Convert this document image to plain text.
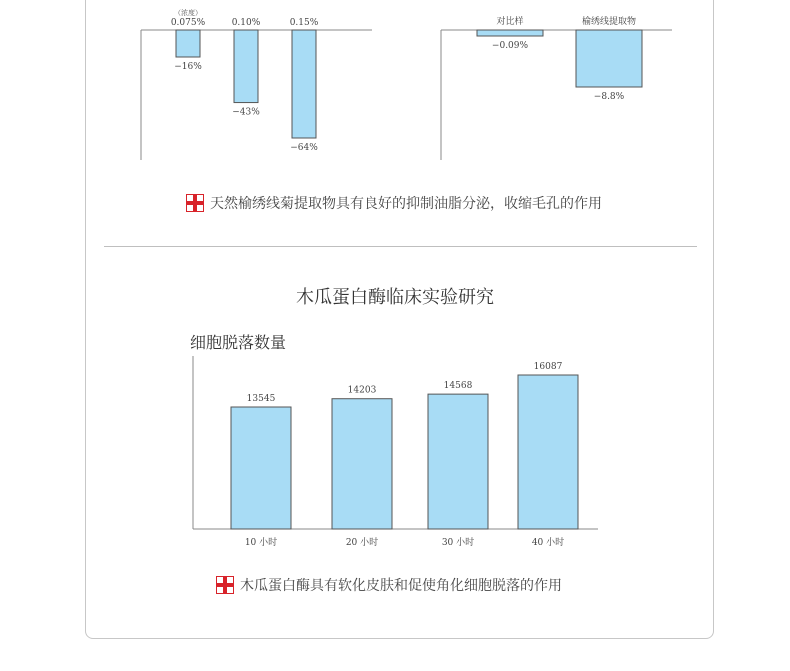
（浓度）
0.075%
−16%
0.10%
−43%
0.15%
−64%
对比样
−0.09%
榆绣线提取物
−8.8%
13545
10 小时
14203
20 小时
14568
30 小时
16087
40 小时
天然榆绣线菊提取物具有良好的抑制油脂分泌，收缩毛孔的作用
木瓜蛋白酶临床实验研究
细胞脱落数量
木瓜蛋白酶具有软化皮肤和促使角化细胞脱落的作用
